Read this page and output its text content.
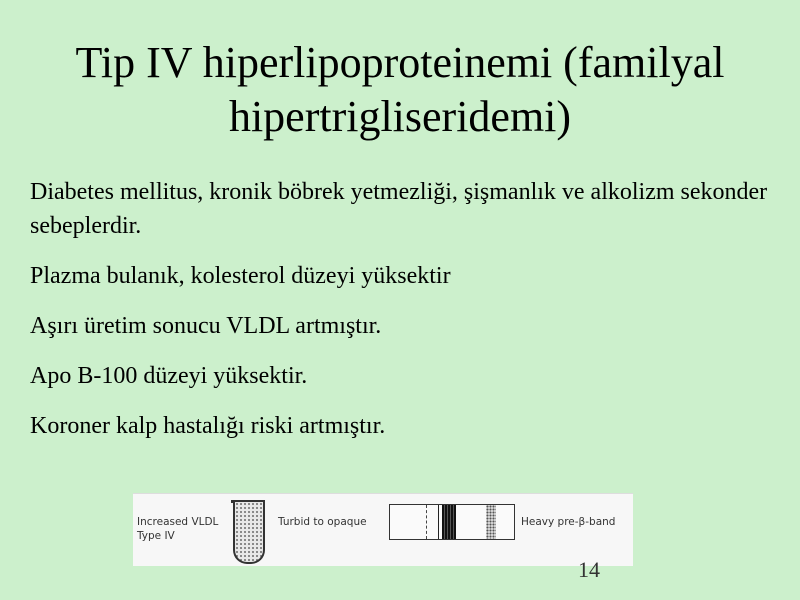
Tip IV hiperlipoproteinemi (familyal hipertrigliseridemi)
Diabetes mellitus, kronik böbrek yetmezliği, şişmanlık ve alkolizm sekonder sebeplerdir.
Plazma bulanık, kolesterol düzeyi yüksektir
Aşırı üretim sonucu VLDL artmıştır.
Apo B-100 düzeyi yüksektir.
Koroner kalp hastalığı riski artmıştır.
Increased VLDL
Type IV
Turbid to opaque	Heavy pre-β-band
14
